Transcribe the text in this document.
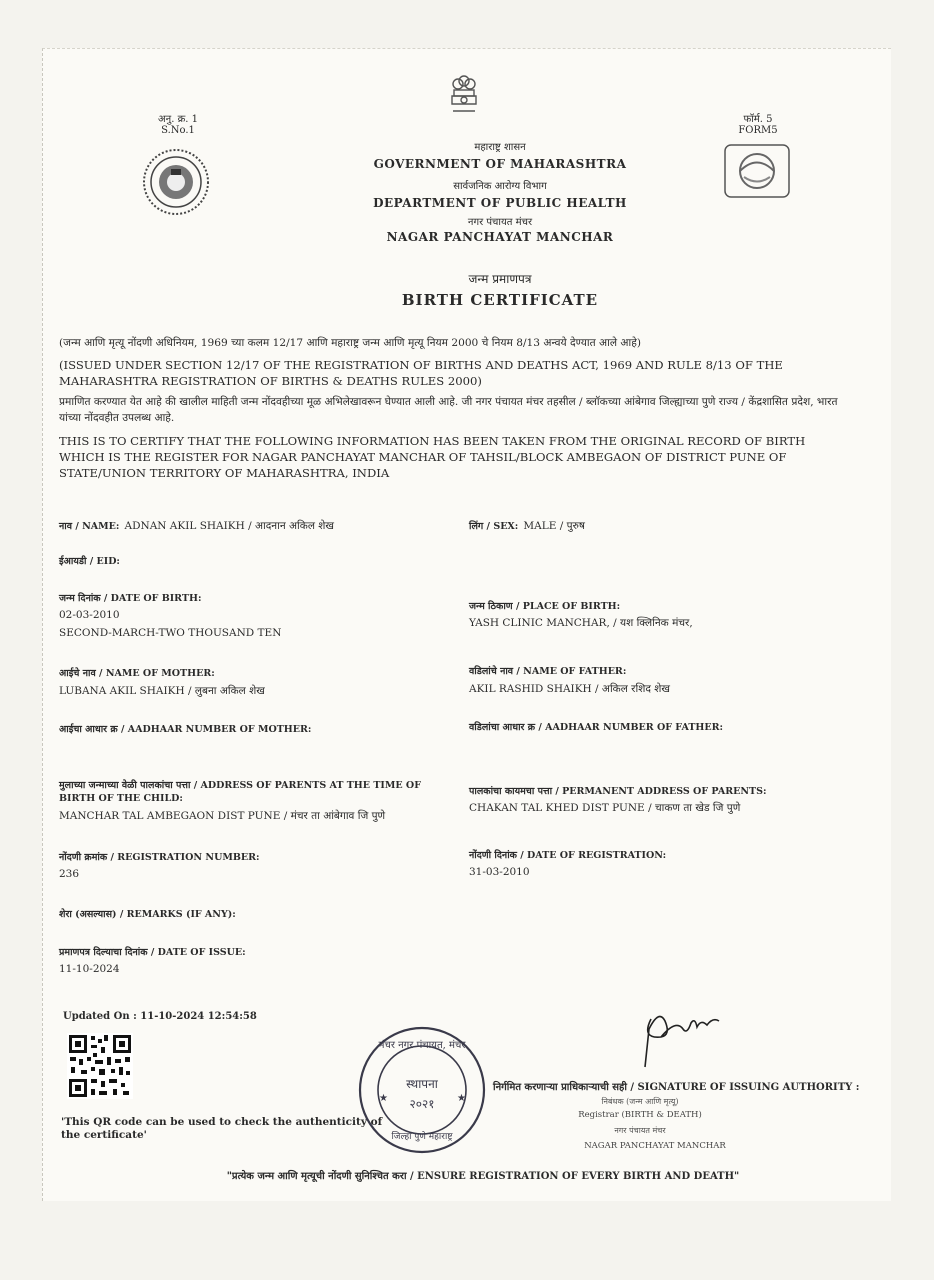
अनु. क्र. 1
S.No.1
फॉर्म. 5
FORM5
महाराष्ट्र शासन
GOVERNMENT OF MAHARASHTRA
सार्वजनिक आरोग्य विभाग
DEPARTMENT OF PUBLIC HEALTH
नगर पंचायत मंचर
NAGAR PANCHAYAT MANCHAR
जन्म प्रमाणपत्र
BIRTH CERTIFICATE
(जन्म आणि मृत्यू नोंदणी अधिनियम, 1969 च्या कलम 12/17 आणि महाराष्ट्र जन्म आणि मृत्यू नियम 2000 चे नियम 8/13 अन्वये देण्यात आले आहे)
(ISSUED UNDER SECTION 12/17 OF THE REGISTRATION OF BIRTHS AND DEATHS ACT, 1969 AND RULE 8/13 OF THE MAHARASHTRA REGISTRATION OF BIRTHS & DEATHS RULES 2000)
प्रमाणित करण्यात येत आहे की खालील माहिती जन्म नोंदवहीच्या मूळ अभिलेखावरून घेण्यात आली आहे. जी नगर पंचायत मंचर तहसील / ब्लॉकच्या आंबेगाव जिल्ह्याच्या पुणे राज्य / केंद्रशासित प्रदेश, भारत यांच्या नोंदवहीत उपलब्ध आहे.
THIS IS TO CERTIFY THAT THE FOLLOWING INFORMATION HAS BEEN TAKEN FROM THE ORIGINAL RECORD OF BIRTH WHICH IS THE REGISTER FOR NAGAR PANCHAYAT MANCHAR OF TAHSIL/BLOCK AMBEGAON OF DISTRICT PUNE OF STATE/UNION TERRITORY OF MAHARASHTRA, INDIA
नाव / NAME: ADNAN AKIL SHAIKH / आदनान अकिल शेख	लिंग / SEX: MALE / पुरुष
ईआयडी / EID:
जन्म दिनांक / DATE OF BIRTH:
02-03-2010
SECOND-MARCH-TWO THOUSAND TEN
जन्म ठिकाण / PLACE OF BIRTH:
YASH CLINIC MANCHAR, / यश क्लिनिक मंचर,
आईचे नाव / NAME OF MOTHER:
LUBANA AKIL SHAIKH / लुबना अकिल शेख
वडिलांचे नाव / NAME OF FATHER:
AKIL RASHID SHAIKH / अकिल रशिद शेख
आईचा आधार क्र / AADHAAR NUMBER OF MOTHER:	वडिलांचा आधार क्र / AADHAAR NUMBER OF FATHER:
मुलाच्या जन्माच्या वेळी पालकांचा पत्ता / ADDRESS OF PARENTS AT THE TIME OF BIRTH OF THE CHILD:
MANCHAR TAL AMBEGAON DIST PUNE / मंचर ता आंबेगाव जि पुणे
पालकांचा कायमचा पत्ता / PERMANENT ADDRESS OF PARENTS:
CHAKAN TAL KHED DIST PUNE / चाकण ता खेड जि पुणे
नोंदणी क्रमांक / REGISTRATION NUMBER:
236
नोंदणी दिनांक / DATE OF REGISTRATION:
31-03-2010
शेरा (असल्यास) / REMARKS (IF ANY):
प्रमाणपत्र दिल्याचा दिनांक / DATE OF ISSUE:
11-10-2024
Updated On : 11-10-2024 12:54:58
'This QR code can be used to check the authenticity of the certificate'
★	★
मंचर नगर पंचायत, मंचर
स्थापना
२०२१
जिल्हा पुणे महाराष्ट्र
निर्गमित करणाऱ्या प्राधिकाऱ्याची सही / SIGNATURE OF ISSUING AUTHORITY :
निबंधक (जन्म आणि मृत्यू)
Registrar (BIRTH & DEATH)
नगर पंचायत मंचर
NAGAR PANCHAYAT MANCHAR
"प्रत्येक जन्म आणि मृत्यूची नोंदणी सुनिश्चित करा / ENSURE REGISTRATION OF EVERY BIRTH AND DEATH"
